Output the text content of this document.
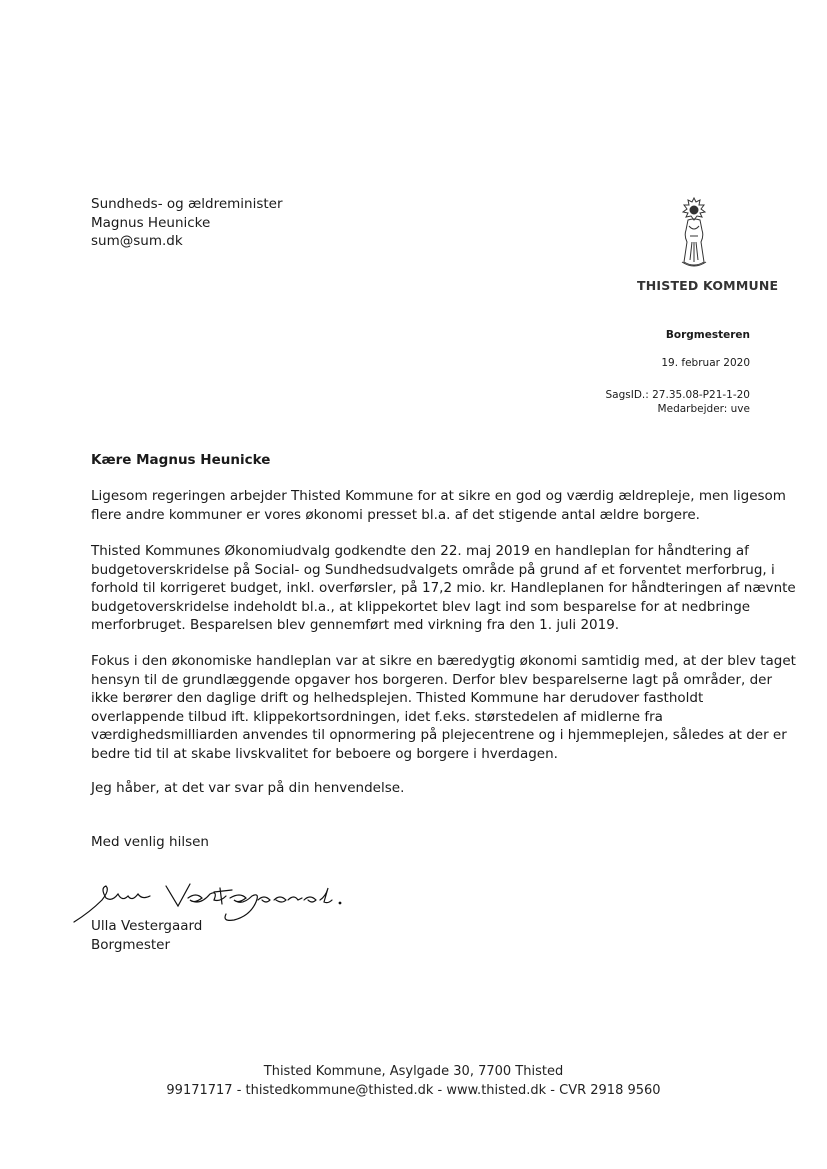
Sundheds- og ældreminister
Magnus Heunicke
sum@sum.dk
THISTED KOMMUNE
Borgmesteren
19. februar 2020
SagsID.: 27.35.08-P21-1-20
Medarbejder: uve
Kære Magnus Heunicke
Ligesom regeringen arbejder Thisted Kommune for at sikre en god og værdig ældrepleje, men ligesom
flere andre kommuner er vores økonomi presset bl.a. af det stigende antal ældre borgere.
Thisted Kommunes Økonomiudvalg godkendte den 22. maj 2019 en handleplan for håndtering af
budgetoverskridelse på Social- og Sundhedsudvalgets område på grund af et forventet merforbrug, i
forhold til korrigeret budget, inkl. overførsler, på 17,2 mio. kr. Handleplanen for håndteringen af nævnte
budgetoverskridelse indeholdt bl.a., at klippekortet blev lagt ind som besparelse for at nedbringe
merforbruget. Besparelsen blev gennemført med virkning fra den 1. juli 2019.
Fokus i den økonomiske handleplan var at sikre en bæredygtig økonomi samtidig med, at der blev taget
hensyn til de grundlæggende opgaver hos borgeren. Derfor blev besparelserne lagt på områder, der
ikke berører den daglige drift og helhedsplejen. Thisted Kommune har derudover fastholdt
overlappende tilbud ift. klippekortsordningen, idet f.eks. størstedelen af midlerne fra
værdighedsmilliarden anvendes til opnormering på plejecentrene og i hjemmeplejen, således at der er
bedre tid til at skabe livskvalitet for beboere og borgere i hverdagen.
Jeg håber, at det var svar på din henvendelse.
Med venlig hilsen
Ulla Vestergaard
Borgmester
Thisted Kommune, Asylgade 30, 7700 Thisted
99171717 - thistedkommune@thisted.dk - www.thisted.dk - CVR 2918 9560
